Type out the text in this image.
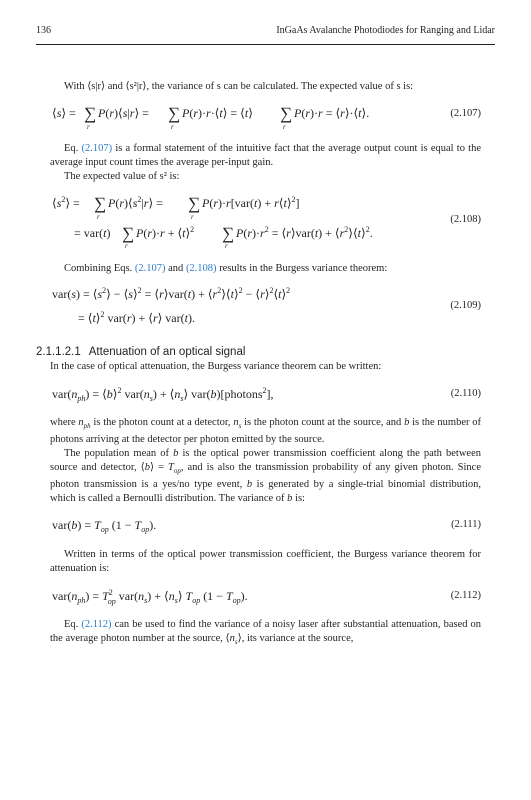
136	InGaAs Avalanche Photodiodes for Ranging and Lidar

With ⟨s|r⟩ and ⟨s²|r⟩, the variance of s can be calculated. The expected value of s is:

⟨s⟩ = ∑
r
P(r)⟨s|r⟩ = ∑
r
P(r)·r·⟨t⟩ = ⟨t⟩ ∑
r
P(r)·r = ⟨r⟩·⟨t⟩.	(2.107)

Eq. (2.107) is a formal statement of the intuitive fact that the average output count is equal to the average input count times the average per-input gain.

The expected value of s² is:

$⟨s^2⟩$ = ∑
r
$P(r)⟨s^2|r⟩$ = ∑
r
P(r)·r[var(t) + r⟨t⟩$^2$]
= var(t) ∑
r
P(r)·r + ⟨t⟩$^2$ ∑
r
$P(r)\cdot r^2$ = ⟨r⟩var(t) + $⟨r^2⟩⟨t⟩^2$.
(2.108)

Combining Eqs. (2.107) and (2.108) results in the Burgess variance theorem:

$var(s) = ⟨s^2⟩$ − ⟨s⟩$^2$ = ⟨r⟩var(t) + $⟨r^2⟩⟨t⟩^2$ − ⟨r⟩$^2$⟨t⟩$^2$
= ⟨t⟩$^2$ var(r) + ⟨r⟩ var(t).
(2.109)
2.1.1.2.1 Attenuation of an optical signal

In the case of optical attenuation, the Burgess variance theorem can be written:

$var(n_{ph})$ = ⟨b⟩$^2$ $var(n_s)$ + $⟨n_s⟩$ var(b)[photons$^2$],	(2.110)

where $n_{ph}$ is the photon count at a detector, $n_s$ is the photon count at the source, and b is the number of photons arriving at the detector per photon emitted by the source.

The population mean of b is the optical power transmission coefficient along the path between source and detector, ⟨b⟩ = $T_{op}$, and is also the transmission probability of any given photon. Since photon transmission is a yes/no type event, b is generated by a single-trial binomial distribution, which is called a Bernoulli distribution. The variance of b is:

$var(b) = T_{op}$ $(1 - T_{op})$.	(2.111)

Written in terms of the optical power transmission coefficient, the Burgess variance theorem for attenuation is:

$var(n_{ph}) = T^2$ op $var(n_s)$ + $⟨n_s⟩$ $T_{op}$ $(1 - T_{op})$.	(2.112)

Eq. (2.112) can be used to find the variance of a noisy laser after substantial attenuation, based on the average photon number at the source, $⟨n_s⟩$, its variance at the source,
